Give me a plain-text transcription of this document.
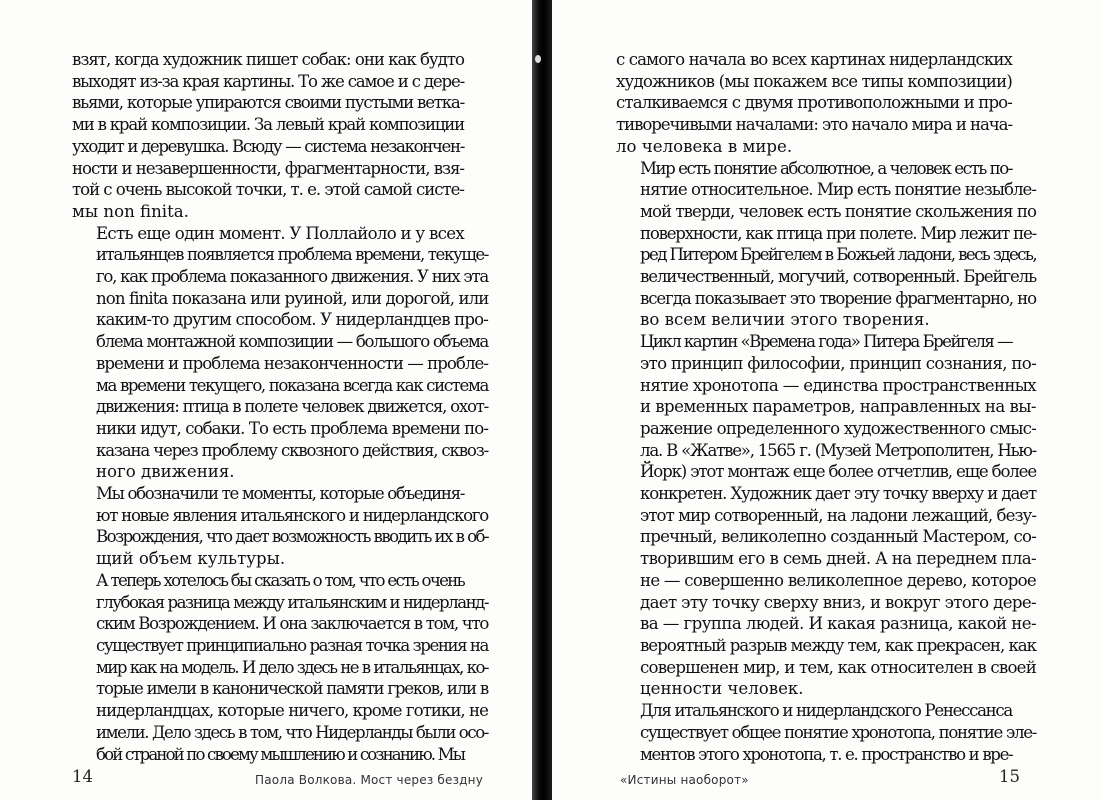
взят, когда художник пишет собак: они как будто
выходят из-за края картины. То же самое и с дере-
вьями, которые упираются своими пустыми ветка-
ми в край композиции. За левый край композиции
уходит и деревушка. Всюду — система незакончен-
ности и незавершенности, фрагментарности, взя-
той с очень высокой точки, т. е. этой самой систе-
мы non finita.

Есть еще один момент. У Поллайоло и у всех
итальянцев появляется проблема времени, текуще-
го, как проблема показанного движения. У них эта
non finita показана или руиной, или дорогой, или
каким-то другим способом. У нидерландцев про-
блема монтажной композиции — большого объема
времени и проблема незаконченности — пробле-
ма времени текущего, показана всегда как система
движения: птица в полете человек движется, охот-
ники идут, собаки. То есть проблема времени по-
казана через проблему сквозного действия, сквоз-
ного движения.

Мы обозначили те моменты, которые объединя-
ют новые явления итальянского и нидерландского
Возрождения, что дает возможность вводить их в об-
щий объем культуры.

А теперь хотелось бы сказать о том, что есть очень
глубокая разница между итальянским и нидерланд-
ским Возрождением. И она заключается в том, что
существует принципиально разная точка зрения на
мир как на модель. И дело здесь не в итальянцах, ко-
торые имели в канонической памяти греков, или в
нидерландцах, которые ничего, кроме готики, не
имели. Дело здесь в том, что Нидерланды были осо-
бой страной по своему мышлению и сознанию. Мы

14	Паола Волкова. Мост через бездну

с самого начала во всех картинах нидерландских
художников (мы покажем все типы композиции)
сталкиваемся с двумя противоположными и про-
тиворечивыми началами: это начало мира и нача-
ло человека в мире.

Мир есть понятие абсолютное, а человек есть по-
нятие относительное. Мир есть понятие незыбле-
мой тверди, человек есть понятие скольжения по
поверхности, как птица при полете. Мир лежит пе-
ред Питером Брейгелем в Божьей ладони, весь здесь,
величественный, могучий, сотворенный. Брейгель
всегда показывает это творение фрагментарно, но
во всем величии этого творения.

Цикл картин «Времена года» Питера Брейгеля —
это принцип философии, принцип сознания, по-
нятие хронотопа — единства пространственных
и временных параметров, направленных на вы-
ражение определенного художественного смыс-
ла. В «Жатве», 1565 г. (Музей Метрополитен, Нью-
Йорк) этот монтаж еще более отчетлив, еще более
конкретен. Художник дает эту точку вверху и дает
этот мир сотворенный, на ладони лежащий, безу-
пречный, великолепно созданный Мастером, со-
творившим его в семь дней. А на переднем пла-
не — совершенно великолепное дерево, которое
дает эту точку сверху вниз, и вокруг этого дере-
ва — группа людей. И какая разница, какой не-
вероятный разрыв между тем, как прекрасен, как
совершенен мир, и тем, как относителен в своей
ценности человек.

Для итальянского и нидерландского Ренессанса
существует общее понятие хронотопа, понятие эле-
ментов этого хронотопа, т. е. пространство и вре-

«Истины наоборот»	15
